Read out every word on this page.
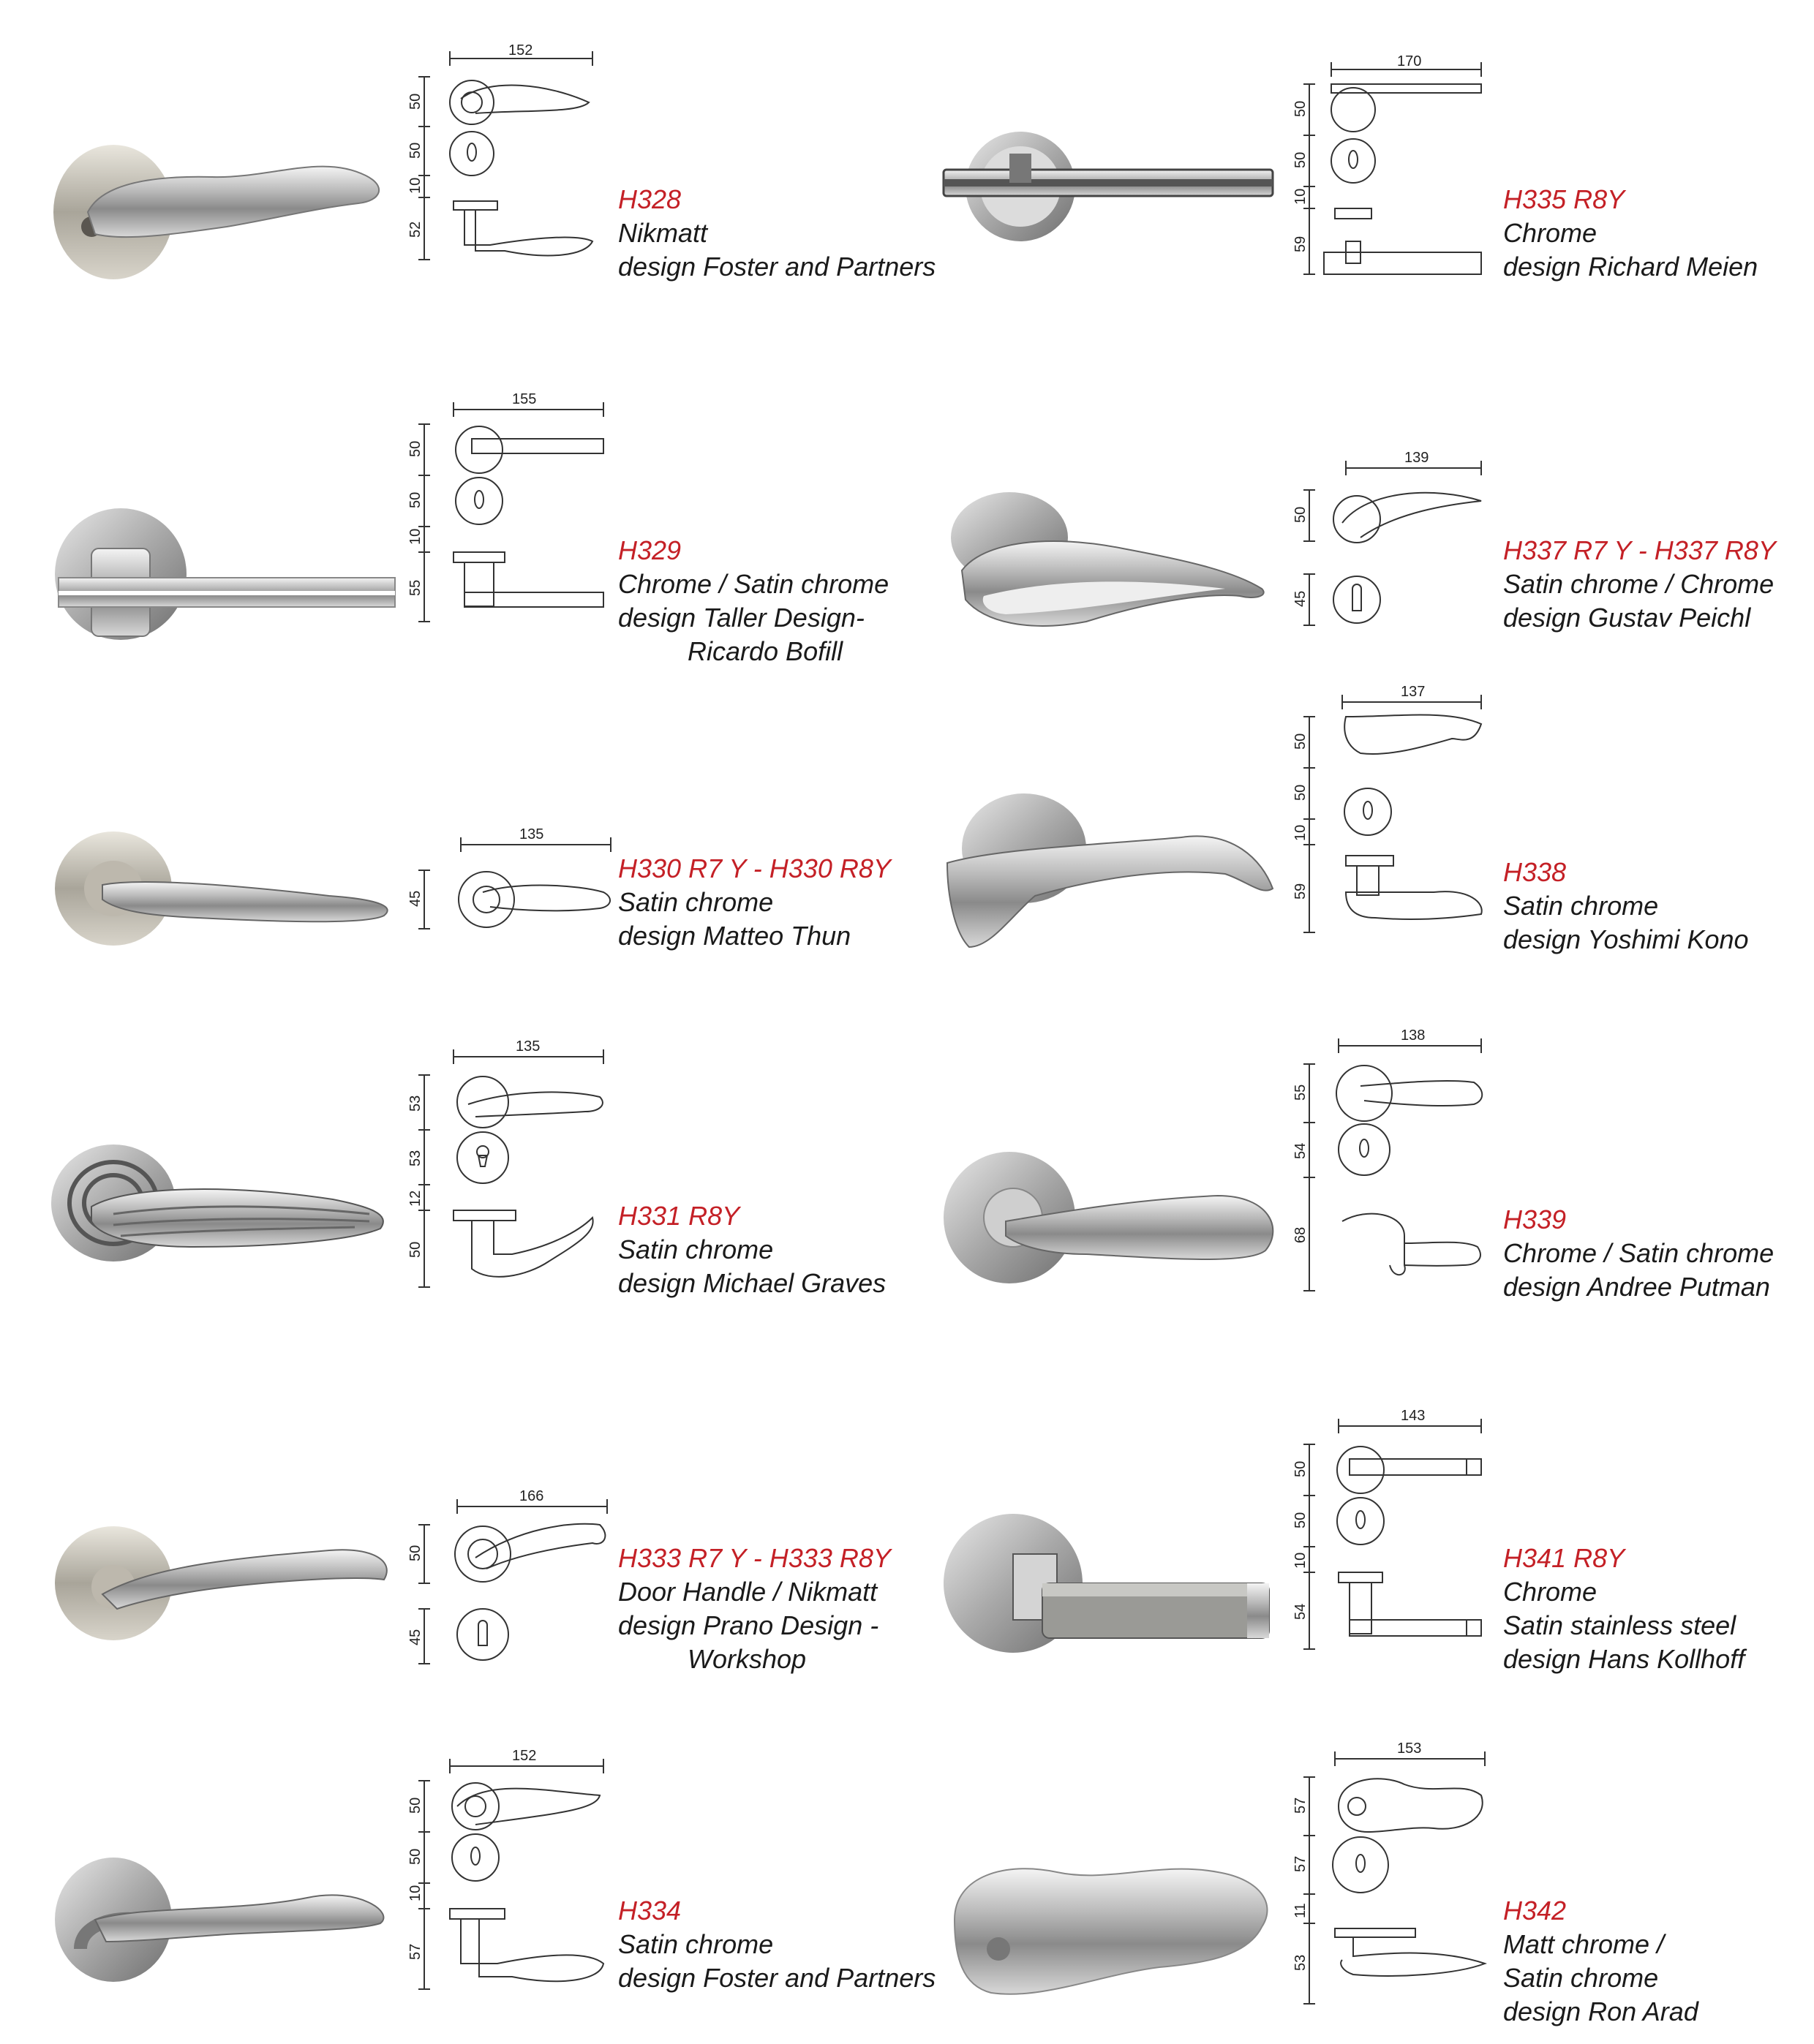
152
50
50
10
52
H328
Nikmatt
design Foster and Partners
170
50
50
10
59
H335 R8Y
Chrome
design Richard Meien
155
50
50
10
55
H329
Chrome / Satin chrome
design Taller Design-
Ricardo Bofill
139
50
45
H337 R7 Y - H337 R8Y
Satin chrome / Chrome
design Gustav Peichl
135
45
H330 R7 Y - H330 R8Y
Satin chrome
design Matteo Thun
137
50
50
10
59
H338
Satin chrome
design Yoshimi Kono
135
53
53
12
50
H331 R8Y
Satin chrome
design Michael Graves
138
55
54
68
H339
Chrome / Satin chrome
design Andree Putman
166
50
45
H333 R7 Y - H333 R8Y
Door Handle / Nikmatt
design Prano Design -
Workshop
143
50
50
10
54
H341 R8Y
Chrome
Satin stainless steel
design Hans Kollhoff
152
50
50
10
57
H334
Satin chrome
design Foster and Partners
153
57
57
11
53
H342
Matt chrome /
Satin chrome
design Ron Arad
